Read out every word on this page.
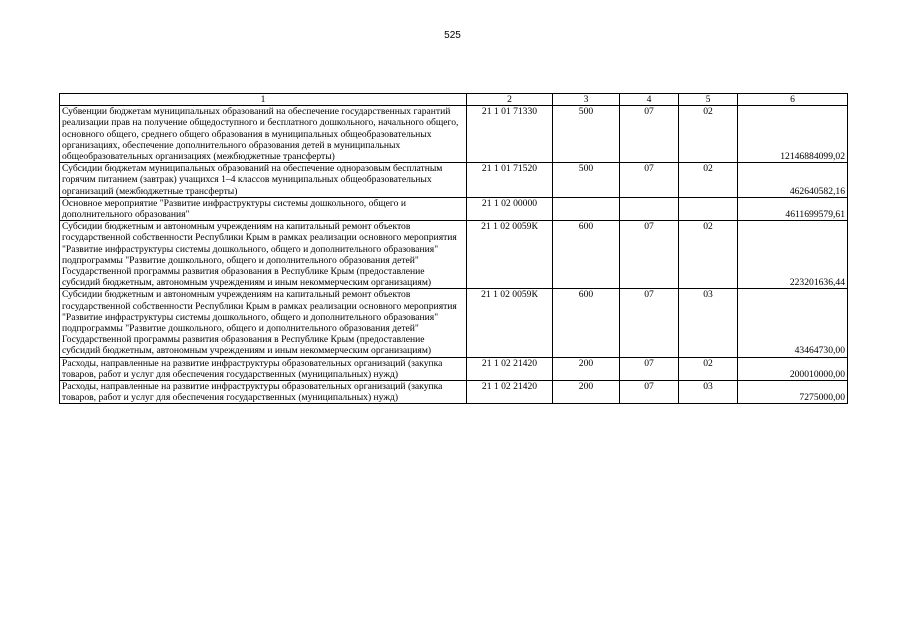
525
1	2	3	4	5	6
Субвенции бюджетам муниципальных образований на обеспечение государственных гарантий реализации прав на получение общедоступного и бесплатного дошкольного, начального общего, основного общего, среднего общего образования в муниципальных общеобразовательных организациях, обеспечение дополнительного образования детей в муниципальных общеобразовательных организациях (межбюджетные трансферты)	21 1 01 71330	500	07	02	12146884099,02
Субсидии бюджетам муниципальных образований на обеспечение одноразовым бесплатным горячим питанием (завтрак) учащихся 1–4 классов муниципальных общеобразовательных организаций (межбюджетные трансферты)	21 1 01 71520	500	07	02	462640582,16
Основное мероприятие "Развитие инфраструктуры системы дошкольного, общего и дополнительного образования"	21 1 02 00000				4611699579,61
Субсидии бюджетным и автономным учреждениям на капитальный ремонт объектов государственной собственности Республики Крым в рамках реализации основного мероприятия "Развитие инфраструктуры системы дошкольного, общего и дополнительного образования" подпрограммы "Развитие дошкольного, общего и дополнительного образования детей" Государственной программы развития образования в Республике Крым (предоставление субсидий бюджетным, автономным учреждениям и иным некоммерческим организациям)	21 1 02 0059К	600	07	02	223201636,44
Субсидии бюджетным и автономным учреждениям на капитальный ремонт объектов государственной собственности Республики Крым в рамках реализации основного мероприятия "Развитие инфраструктуры системы дошкольного, общего и дополнительного образования" подпрограммы "Развитие дошкольного, общего и дополнительного образования детей" Государственной программы развития образования в Республике Крым (предоставление субсидий бюджетным, автономным учреждениям и иным некоммерческим организациям)	21 1 02 0059К	600	07	03	43464730,00
Расходы, направленные на развитие инфраструктуры образовательных организаций (закупка товаров, работ и услуг для обеспечения государственных (муниципальных) нужд)	21 1 02 21420	200	07	02	200010000,00
Расходы, направленные на развитие инфраструктуры образовательных организаций (закупка товаров, работ и услуг для обеспечения государственных (муниципальных) нужд)	21 1 02 21420	200	07	03	7275000,00
